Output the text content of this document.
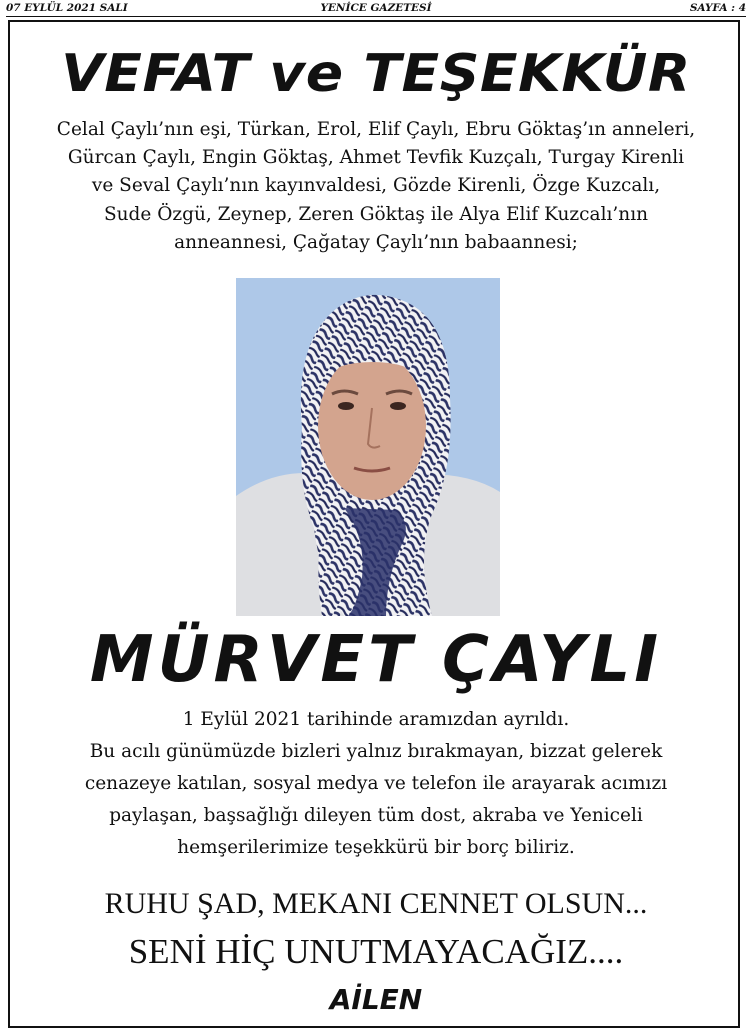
07 EYLÜL 2021 SALI	YENİCE GAZETESİ	SAYFA : 4
VEFAT ve TEŞEKKÜR
Celal Çaylı’nın eşi, Türkan, Erol, Elif Çaylı, Ebru Göktaş’ın anneleri,
Gürcan Çaylı, Engin Göktaş, Ahmet Tevfik Kuzçalı, Turgay Kirenli
ve Seval Çaylı’nın kayınvaldesi, Gözde Kirenli, Özge Kuzcalı,
Sude Özgü, Zeynep, Zeren Göktaş ile Alya Elif Kuzcalı’nın
anneannesi, Çağatay Çaylı’nın babaannesi;
MÜRVET ÇAYLI
1 Eylül 2021 tarihinde aramızdan ayrıldı.
Bu acılı günümüzde bizleri yalnız bırakmayan, bizzat gelerek
cenazeye katılan, sosyal medya ve telefon ile arayarak acımızı
paylaşan, başsağlığı dileyen tüm dost, akraba ve Yeniceli
hemşerilerimize teşekkürü bir borç biliriz.
RUHU ŞAD, MEKANI CENNET OLSUN...
SENİ HİÇ UNUTMAYACAĞIZ....
AİLEN
